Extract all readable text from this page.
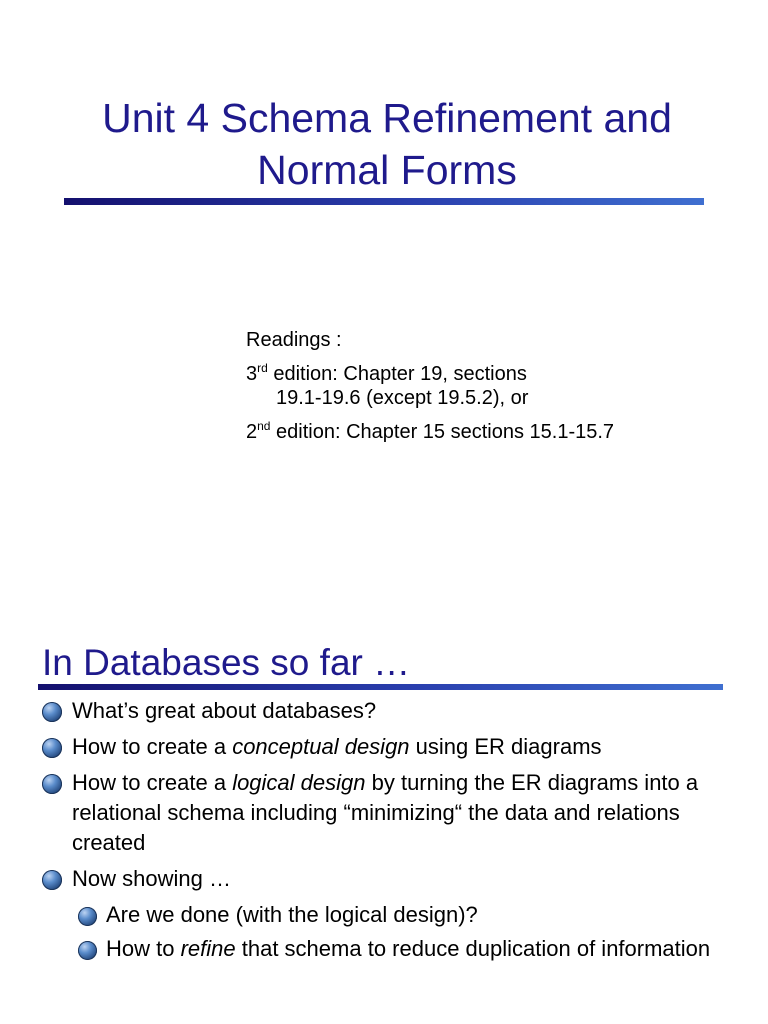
Unit 4 Schema Refinement and
Normal Forms
Readings :
3rd edition: Chapter 19, sections
19.1-19.6 (except 19.5.2), or
2nd edition: Chapter 15 sections 15.1-15.7
In Databases so far …
What’s great about databases?
How to create a conceptual design using ER diagrams
How to create a logical design by turning the ER diagrams into a relational schema including “minimizing“ the data and relations created
Now showing …
Are we done (with the logical design)?
How to refine that schema to reduce duplication of information
